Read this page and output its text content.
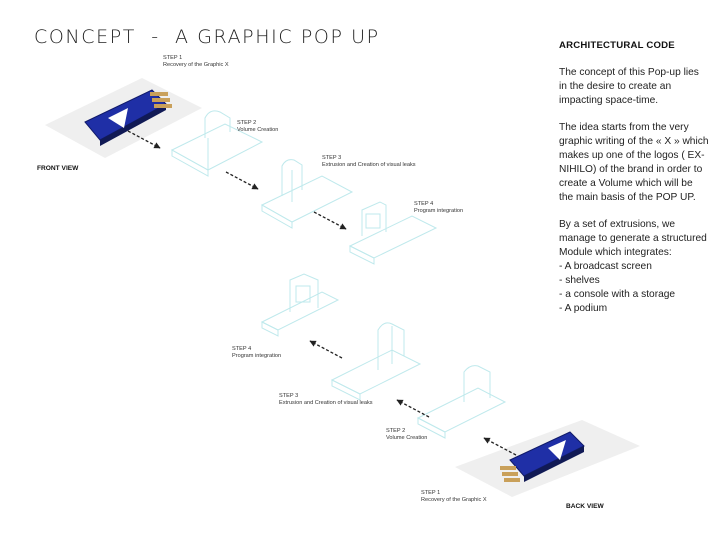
CONCEPT  -  A GRAPHIC POP UP
FRONT VIEW
BACK VIEW
STEP 1
Recovery of the Graphic X
STEP 2
Volume Creation
STEP 3
Extrusion and Creation of visual leaks
STEP 4
Program integration
STEP 4
Program integration
STEP 3
Extrusion and Creation of visual leaks
STEP 2
Volume Creation
STEP 1
Recovery of the Graphic X
ARCHITECTURAL CODE

The concept of this Pop-up lies in the desire to create an impacting space-time.

The idea starts from the very graphic writing of the « X » which makes up one of the logos ( EX-NIHILO) of the brand in order to create a Volume which will be the main basis of the POP UP.

By a set of extrusions, we manage to generate a structured Module which integrates:

- A broadcast screen
- shelves
- a console with a storage
- A podium
